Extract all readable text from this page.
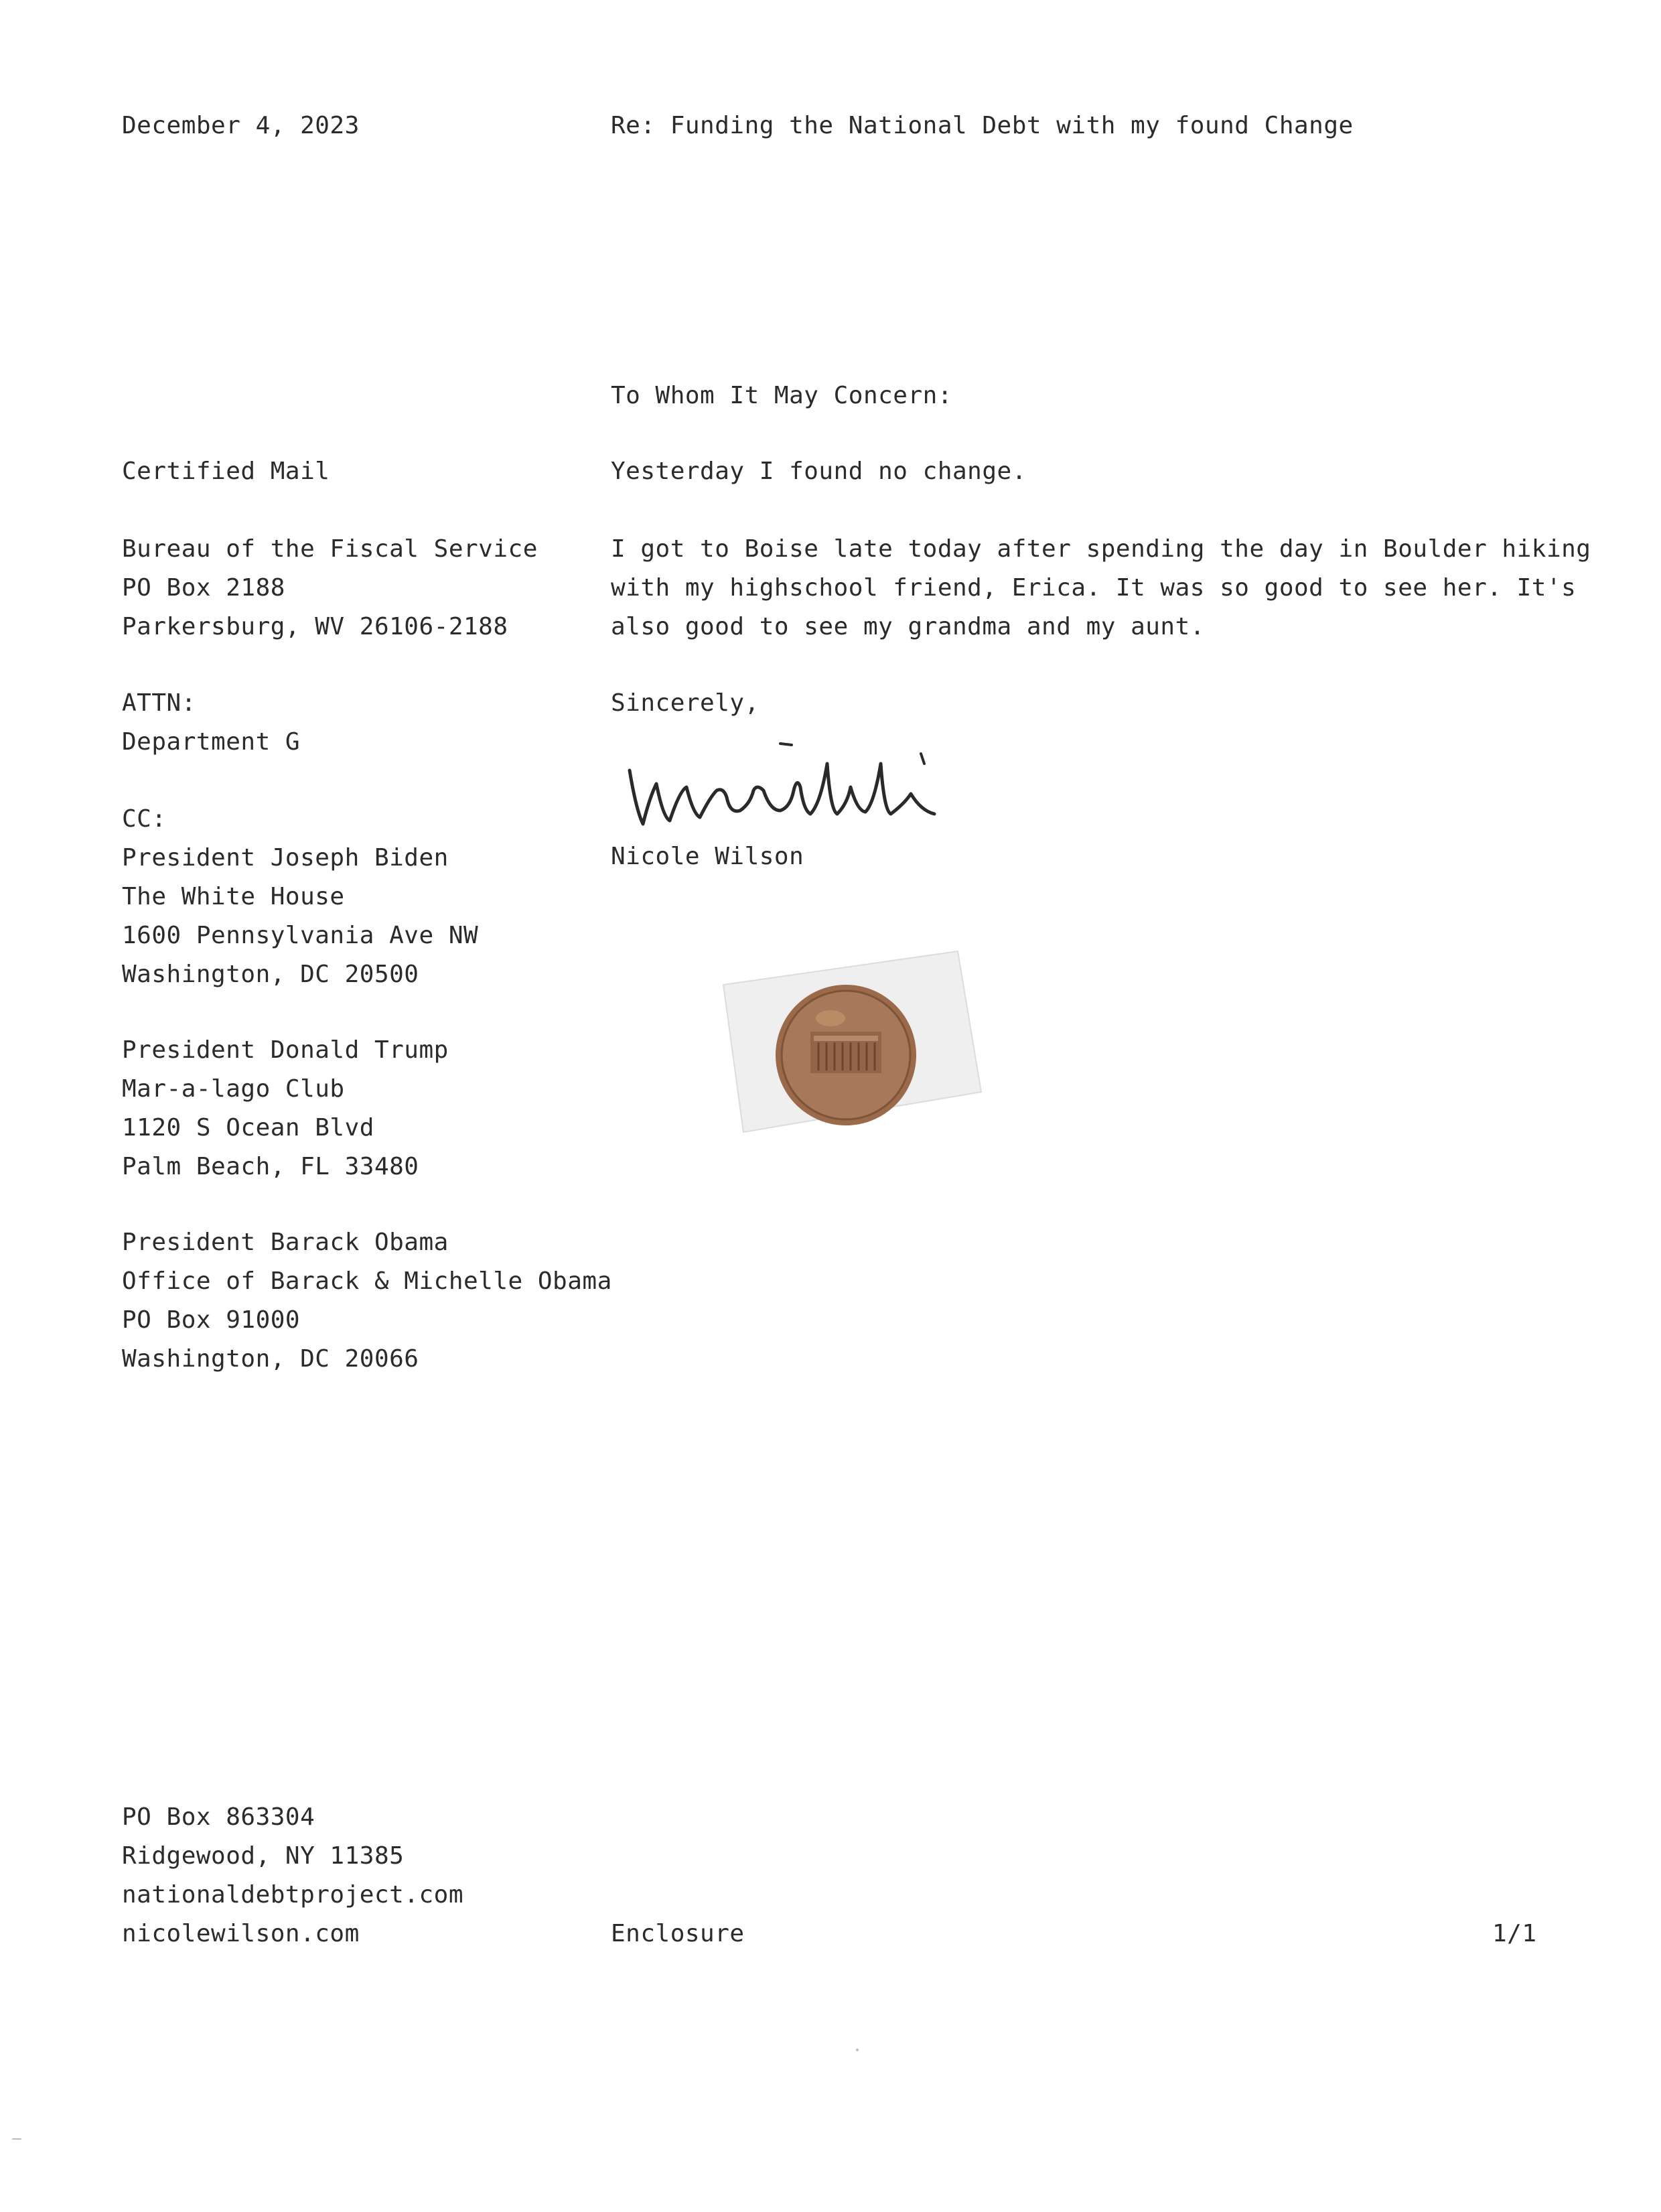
December 4, 2023	Re: Funding the National Debt with my found Change
To Whom It May Concern:
Yesterday I found no change.
I got to Boise late today after spending the day in Boulder hiking
with my highschool friend, Erica. It was so good to see her. It's
also good to see my grandma and my aunt.
Sincerely,
Nicole Wilson
Certified Mail
Bureau of the Fiscal Service
PO Box 2188
Parkersburg, WV 26106-2188
ATTN:
Department G
CC:
President Joseph Biden
The White House
1600 Pennsylvania Ave NW
Washington, DC 20500
President Donald Trump
Mar-a-lago Club
1120 S Ocean Blvd
Palm Beach, FL 33480
President Barack Obama
Office of Barack & Michelle Obama
PO Box 91000
Washington, DC 20066
PO Box 863304
Ridgewood, NY 11385
nationaldebtproject.com
nicolewilson.com	Enclosure	1/1
